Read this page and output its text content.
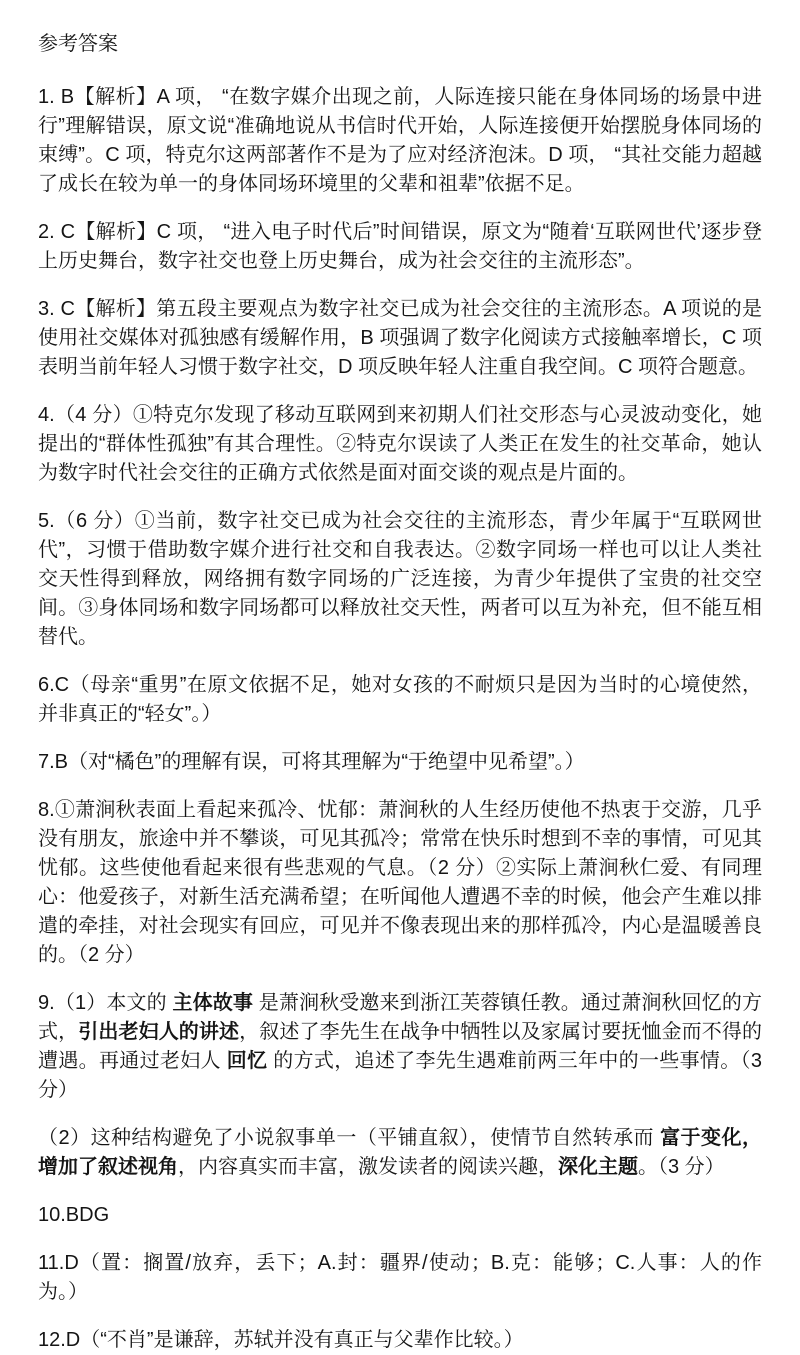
参考答案

1. B【解析】A 项， “在数字媒介出现之前，人际连接只能在身体同场的场景中进行”理解错误，原文说“准确地说从书信时代开始，人际连接便开始摆脱身体同场的束缚”。C 项，特克尔这两部著作不是为了应对经济泡沫。D 项， “其社交能力超越了成长在较为单一的身体同场环境里的父辈和祖辈”依据不足。

2. C【解析】C 项， “进入电子时代后”时间错误，原文为“随着‘互联网世代’逐步登上历史舞台，数字社交也登上历史舞台，成为社会交往的主流形态”。

3. C【解析】第五段主要观点为数字社交已成为社会交往的主流形态。A 项说的是使用社交媒体对孤独感有缓解作用，B 项强调了数字化阅读方式接触率增长，C 项表明当前年轻人习惯于数字社交，D 项反映年轻人注重自我空间。C 项符合题意。

4.（4 分）①特克尔发现了移动互联网到来初期人们社交形态与心灵波动变化，她提出的“群体性孤独”有其合理性。②特克尔误读了人类正在发生的社交革命，她认为数字时代社会交往的正确方式依然是面对面交谈的观点是片面的。

5.（6 分）①当前，数字社交已成为社会交往的主流形态，青少年属于“互联网世代”，习惯于借助数字媒介进行社交和自我表达。②数字同场一样也可以让人类社交天性得到释放，网络拥有数字同场的广泛连接，为青少年提供了宝贵的社交空间。③身体同场和数字同场都可以释放社交天性，两者可以互为补充，但不能互相替代。

6.C（母亲“重男”在原文依据不足，她对女孩的不耐烦只是因为当时的心境使然，并非真正的“轻女”。）

7.B（对“橘色”的理解有误，可将其理解为“于绝望中见希望”。）

8.①萧涧秋表面上看起来孤冷、忧郁：萧涧秋的人生经历使他不热衷于交游，几乎没有朋友，旅途中并不攀谈，可见其孤冷；常常在快乐时想到不幸的事情，可见其忧郁。这些使他看起来很有些悲观的气息。（2 分）②实际上萧涧秋仁爱、有同理心：他爱孩子，对新生活充满希望；在听闻他人遭遇不幸的时候，他会产生难以排遣的牵挂，对社会现实有回应，可见并不像表现出来的那样孤冷，内心是温暖善良的。（2 分）

9.（1）本文的 主体故事 是萧涧秋受邀来到浙江芙蓉镇任教。通过萧涧秋回忆的方式，引出老妇人的讲述，叙述了李先生在战争中牺牲以及家属讨要抚恤金而不得的遭遇。再通过老妇人 回忆 的方式，追述了李先生遇难前两三年中的一些事情。（3 分）

（2）这种结构避免了小说叙事单一（平铺直叙），使情节自然转承而 富于变化，增加了叙述视角，内容真实而丰富，激发读者的阅读兴趣，深化主题。（3 分）

10.BDG

11.D（置：搁置/放弃，丢下；A.封：疆界/使动；B.克：能够；C.人事：人的作为。）

12.D（“不肖”是谦辞，苏轼并没有真正与父辈作比较。）
